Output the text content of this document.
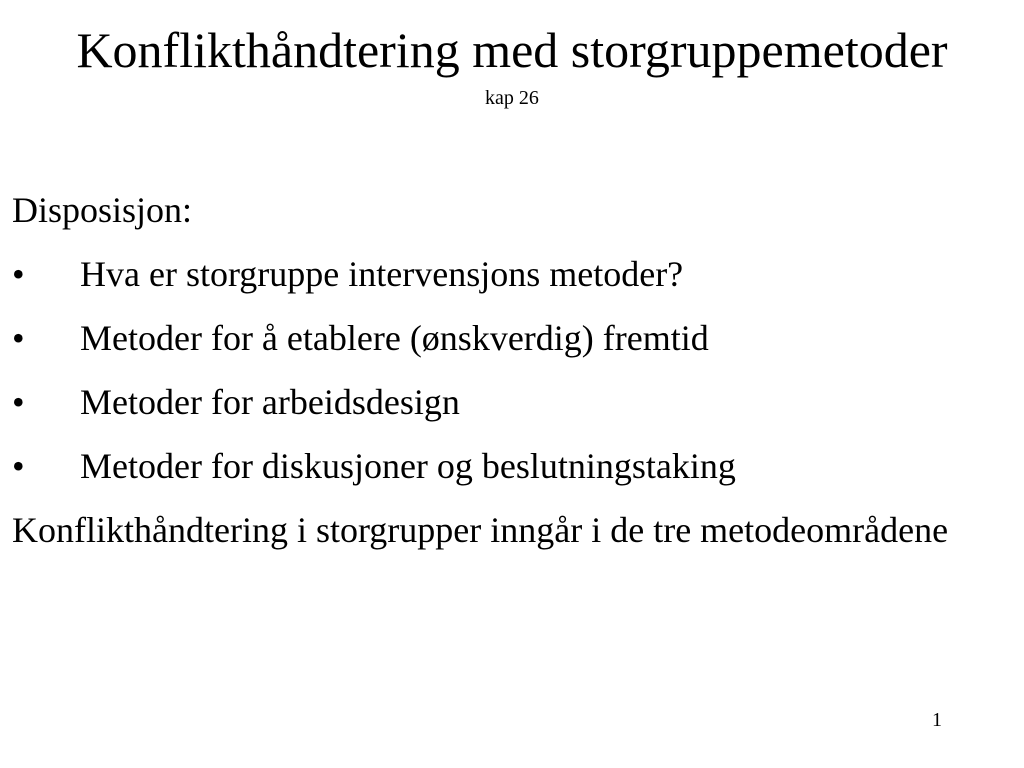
Konflikthåndtering med storgruppemetoder
kap 26
Disposisjon:
• Hva er storgruppe intervensjons metoder?
• Metoder for å etablere (ønskverdig) fremtid
• Metoder for arbeidsdesign
• Metoder for diskusjoner og beslutningstaking
Konflikthåndtering i storgrupper inngår i de tre metodeområdene
1
